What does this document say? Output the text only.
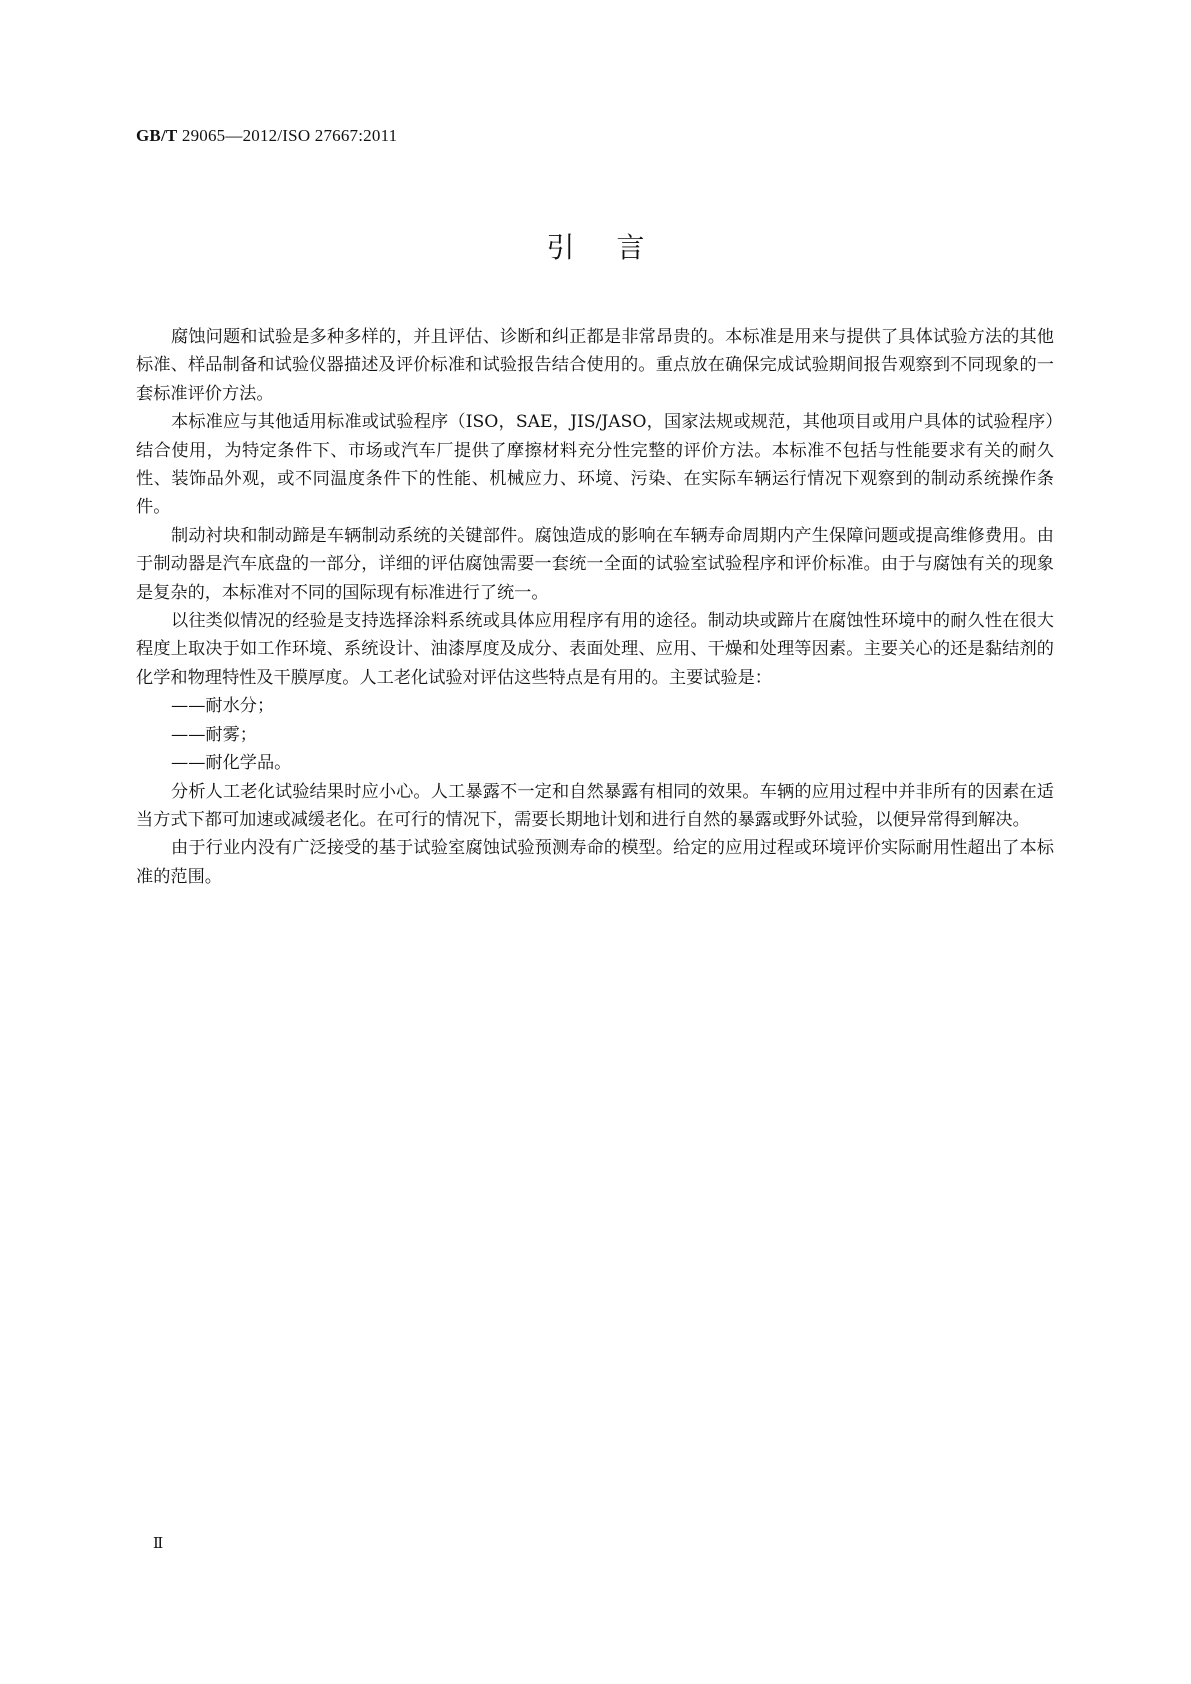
GB/T 29065—2012/ISO 27667:2011
引言

腐蚀问题和试验是多种多样的，并且评估、诊断和纠正都是非常昂贵的。本标准是用来与提供了具体试验方法的其他标准、样品制备和试验仪器描述及评价标准和试验报告结合使用的。重点放在确保完成试验期间报告观察到不同现象的一套标准评价方法。

本标准应与其他适用标准或试验程序（ISO，SAE，JIS/JASO，国家法规或规范，其他项目或用户具体的试验程序）结合使用，为特定条件下、市场或汽车厂提供了摩擦材料充分性完整的评价方法。本标准不包括与性能要求有关的耐久性、装饰品外观，或不同温度条件下的性能、机械应力、环境、污染、在实际车辆运行情况下观察到的制动系统操作条件。

制动衬块和制动蹄是车辆制动系统的关键部件。腐蚀造成的影响在车辆寿命周期内产生保障问题或提高维修费用。由于制动器是汽车底盘的一部分，详细的评估腐蚀需要一套统一全面的试验室试验程序和评价标准。由于与腐蚀有关的现象是复杂的，本标准对不同的国际现有标准进行了统一。

以往类似情况的经验是支持选择涂料系统或具体应用程序有用的途径。制动块或蹄片在腐蚀性环境中的耐久性在很大程度上取决于如工作环境、系统设计、油漆厚度及成分、表面处理、应用、干燥和处理等因素。主要关心的还是黏结剂的化学和物理特性及干膜厚度。人工老化试验对评估这些特点是有用的。主要试验是：

——耐水分；

——耐雾；

——耐化学品。

分析人工老化试验结果时应小心。人工暴露不一定和自然暴露有相同的效果。车辆的应用过程中并非所有的因素在适当方式下都可加速或减缓老化。在可行的情况下，需要长期地计划和进行自然的暴露或野外试验，以便异常得到解决。

由于行业内没有广泛接受的基于试验室腐蚀试验预测寿命的模型。给定的应用过程或环境评价实际耐用性超出了本标准的范围。

Ⅱ
